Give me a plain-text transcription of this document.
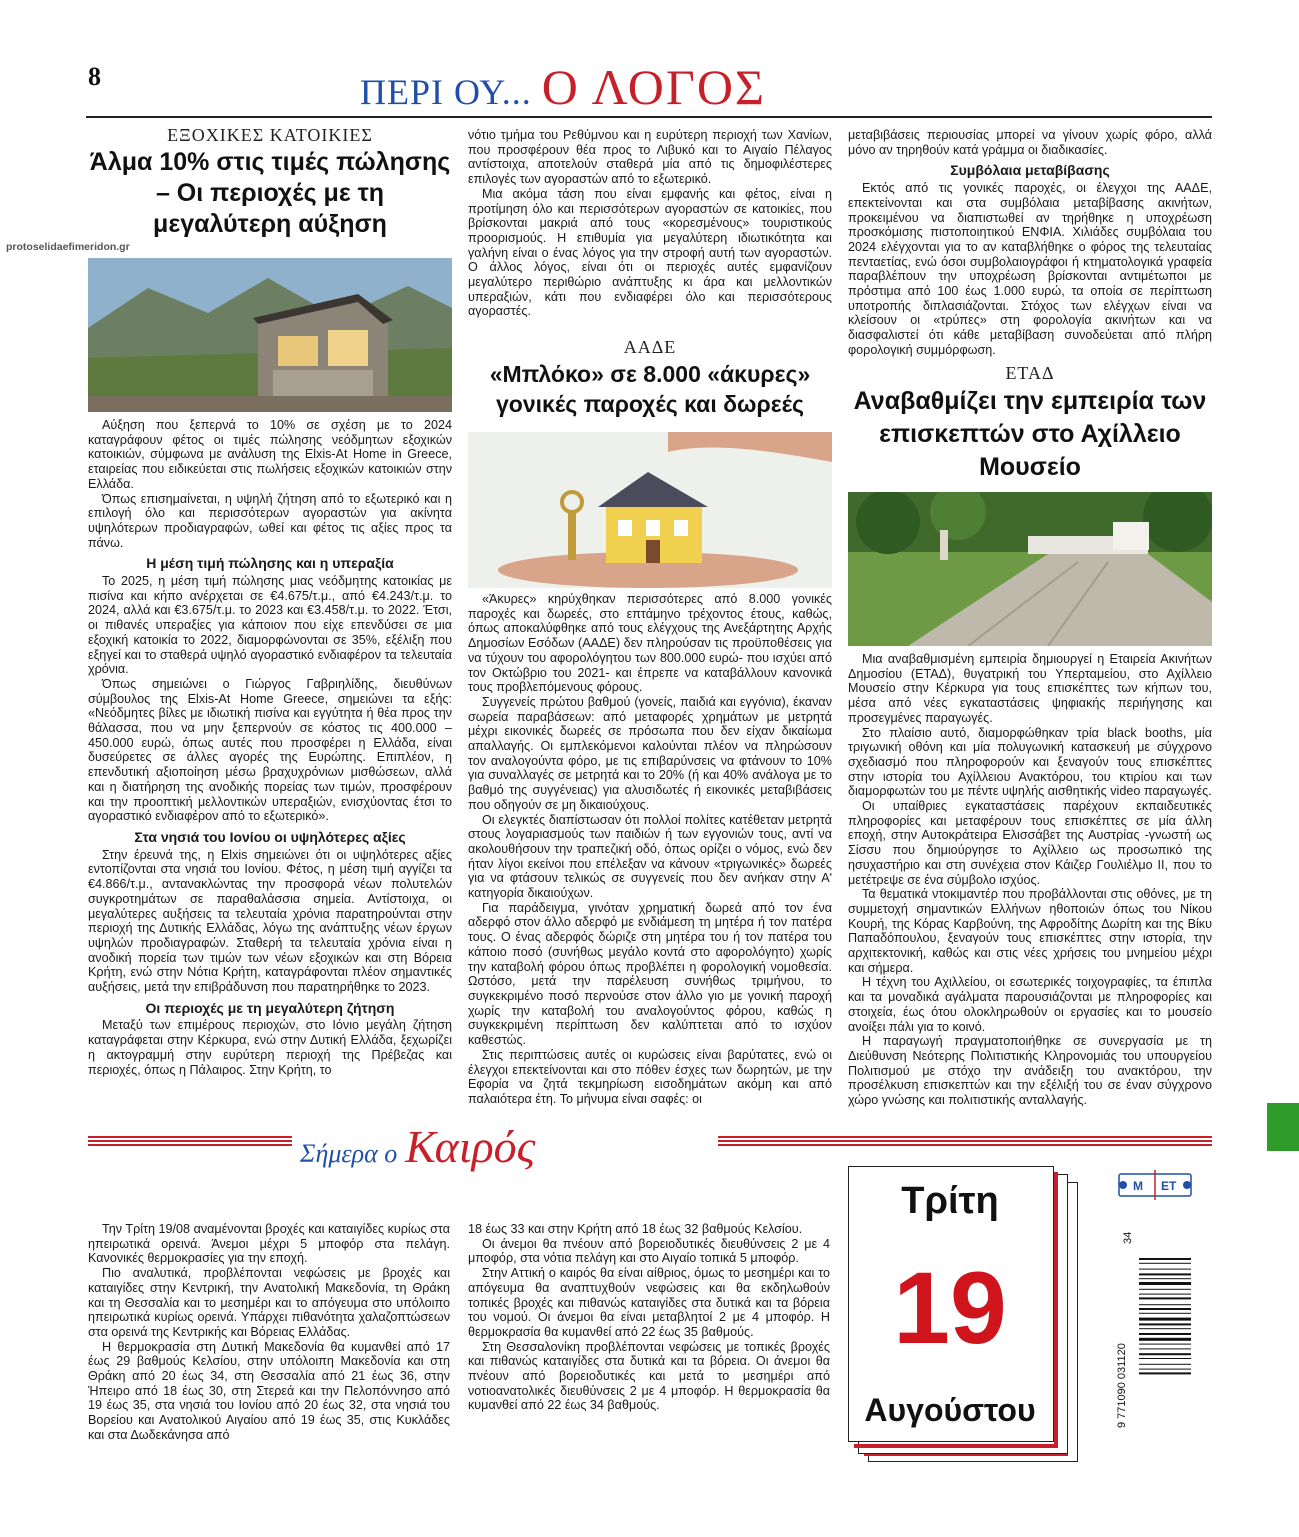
8	ΠΕΡΙ ΟΥ... Ο ΛΟΓΟΣ
protoselidaefimeridon.gr
ΕΞΟΧΙΚΕΣ ΚΑΤΟΙΚΙΕΣ
Άλμα 10% στις τιμές πώλησης – Οι περιοχές με τη μεγαλύτερη αύξηση

Αύξηση που ξεπερνά το 10% σε σχέση με το 2024 καταγράφουν φέτος οι τιμές πώλησης νεόδμητων εξοχικών κατοικιών, σύμφωνα με ανάλυση της Elxis-At Home in Greece, εταιρείας που ειδικεύεται στις πωλήσεις εξοχικών κατοικιών στην Ελλάδα.

Όπως επισημαίνεται, η υψηλή ζήτηση από το εξωτερικό και η επιλογή όλο και περισσότερων αγοραστών για ακίνητα υψηλότερων προδιαγραφών, ωθεί και φέτος τις αξίες προς τα πάνω.

Η μέση τιμή πώλησης και η υπεραξία

Το 2025, η μέση τιμή πώλησης μιας νεόδμητης κατοικίας με πισίνα και κήπο ανέρχεται σε €4.675/τ.μ., από €4.243/τ.μ. το 2024, αλλά και €3.675/τ.μ. το 2023 και €3.458/τ.μ. το 2022. Έτσι, οι πιθανές υπεραξίες για κάποιον που είχε επενδύσει σε μια εξοχική κατοικία το 2022, διαμορφώνονται σε 35%, εξέλιξη που εξηγεί και το σταθερά υψηλό αγοραστικό ενδιαφέρον τα τελευταία χρόνια.

Όπως σημειώνει ο Γιώργος Γαβριηλίδης, διευθύνων σύμβουλος της Elxis-At Home Greece, σημειώνει τα εξής: «Νεόδμητες βίλες με ιδιωτική πισίνα και εγγύτητα ή θέα προς την θάλασσα, που να μην ξεπερνούν σε κόστος τις 400.000 – 450.000 ευρώ, όπως αυτές που προσφέρει η Ελλάδα, είναι δυσεύρετες σε άλλες αγορές της Ευρώπης. Επιπλέον, η επενδυτική αξιοποίηση μέσω βραχυχρόνιων μισθώσεων, αλλά και η διατήρηση της ανοδικής πορείας των τιμών, προσφέρουν και την προοπτική μελλοντικών υπεραξιών, ενισχύοντας έτσι το αγοραστικό ενδιαφέρον από το εξωτερικό».

Στα νησιά του Ιονίου οι υψηλότερες αξίες

Στην έρευνά της, η Elxis σημειώνει ότι οι υψηλότερες αξίες εντοπίζονται στα νησιά του Ιονίου. Φέτος, η μέση τιμή αγγίζει τα €4.866/τ.μ., αντανακλώντας την προσφορά νέων πολυτελών συγκροτημάτων σε παραθαλάσσια σημεία. Αντίστοιχα, οι μεγαλύτερες αυξήσεις τα τελευταία χρόνια παρατηρούνται στην περιοχή της Δυτικής Ελλάδας, λόγω της ανάπτυξης νέων έργων υψηλών προδιαγραφών. Σταθερή τα τελευταία χρόνια είναι η ανοδική πορεία των τιμών των νέων εξοχικών και στη Βόρεια Κρήτη, ενώ στην Νότια Κρήτη, καταγράφονται πλέον σημαντικές αυξήσεις, μετά την επιβράδυνση που παρατηρήθηκε το 2023.

Οι περιοχές με τη μεγαλύτερη ζήτηση

Μεταξύ των επιμέρους περιοχών, στο Ιόνιο μεγάλη ζήτηση καταγράφεται στην Κέρκυρα, ενώ στην Δυτική Ελλάδα, ξεχωρίζει η ακτογραμμή στην ευρύτερη περιοχή της Πρέβεζας και περιοχές, όπως η Πάλαιρος. Στην Κρήτη, το

νότιο τμήμα του Ρεθύμνου και η ευρύτερη περιοχή των Χανίων, που προσφέρουν θέα προς το Λιβυκό και το Αιγαίο Πέλαγος αντίστοιχα, αποτελούν σταθερά μία από τις δημοφιλέστερες επιλογές των αγοραστών από το εξωτερικό.

Μια ακόμα τάση που είναι εμφανής και φέτος, είναι η προτίμηση όλο και περισσότερων αγοραστών σε κατοικίες, που βρίσκονται μακριά από τους «κορεσμένους» τουριστικούς προορισμούς. Η επιθυμία για μεγαλύτερη ιδιωτικότητα και γαλήνη είναι ο ένας λόγος για την στροφή αυτή των αγοραστών. Ο άλλος λόγος, είναι ότι οι περιοχές αυτές εμφανίζουν μεγαλύτερο περιθώριο ανάπτυξης κι άρα και μελλοντικών υπεραξιών, κάτι που ενδιαφέρει όλο και περισσότερους αγοραστές.

ΑΑΔΕ
«Μπλόκο» σε 8.000 «άκυρες» γονικές παροχές και δωρεές

«Άκυρες» κηρύχθηκαν περισσότερες από 8.000 γονικές παροχές και δωρεές, στο επτάμηνο τρέχοντος έτους, καθώς, όπως αποκαλύφθηκε από τους ελέγχους της Ανεξάρτητης Αρχής Δημοσίων Εσόδων (ΑΑΔΕ) δεν πληρούσαν τις προϋποθέσεις για να τύχουν του αφορολόγητου των 800.000 ευρώ- που ισχύει από τον Οκτώβριο του 2021- και έπρεπε να καταβάλλουν κανονικά τους προβλεπόμενους φόρους.

Συγγενείς πρώτου βαθμού (γονείς, παιδιά και εγγόνια), έκαναν σωρεία παραβάσεων: από μεταφορές χρημάτων με μετρητά μέχρι εικονικές δωρεές σε πρόσωπα που δεν είχαν δικαίωμα απαλλαγής. Οι εμπλεκόμενοι καλούνται πλέον να πληρώσουν τον αναλογούντα φόρο, με τις επιβαρύνσεις να φτάνουν το 10% για συναλλαγές σε μετρητά και το 20% (ή και 40% ανάλογα με το βαθμό της συγγένειας) για αλυσιδωτές ή εικονικές μεταβιβάσεις που οδηγούν σε μη δικαιούχους.

Οι ελεγκτές διαπίστωσαν ότι πολλοί πολίτες κατέθεταν μετρητά στους λογαριασμούς των παιδιών ή των εγγονιών τους, αντί να ακολουθήσουν την τραπεζική οδό, όπως ορίζει ο νόμος, ενώ δεν ήταν λίγοι εκείνοι που επέλεξαν να κάνουν «τριγωνικές» δωρεές για να φτάσουν τελικώς σε συγγενείς που δεν ανήκαν στην Α' κατηγορία δικαιούχων.

Για παράδειγμα, γινόταν χρηματική δωρεά από τον ένα αδερφό στον άλλο αδερφό με ενδιάμεση τη μητέρα ή τον πατέρα τους. Ο ένας αδερφός δώριζε στη μητέρα του ή τον πατέρα του κάποιο ποσό (συνήθως μεγάλο κοντά στο αφορολόγητο) χωρίς την καταβολή φόρου όπως προβλέπει η φορολογική νομοθεσία. Ωστόσο, μετά την παρέλευση συνήθως τριμήνου, το συγκεκριμένο ποσό περνούσε στον άλλο γιο με γονική παροχή χωρίς την καταβολή του αναλογούντος φόρου, καθώς η συγκεκριμένη περίπτωση δεν καλύπτεται από το ισχύον καθεστώς.

Στις περιπτώσεις αυτές οι κυρώσεις είναι βαρύτατες, ενώ οι έλεγχοι επεκτείνονται και στο πόθεν έσχες των δωρητών, με την Εφορία να ζητά τεκμηρίωση εισοδημάτων ακόμη και από παλαιότερα έτη. Το μήνυμα είναι σαφές: οι

μεταβιβάσεις περιουσίας μπορεί να γίνουν χωρίς φόρο, αλλά μόνο αν τηρηθούν κατά γράμμα οι διαδικασίες.

Συμβόλαια μεταβίβασης

Εκτός από τις γονικές παροχές, οι έλεγχοι της ΑΑΔΕ, επεκτείνονται και στα συμβόλαια μεταβίβασης ακινήτων, προκειμένου να διαπιστωθεί αν τηρήθηκε η υποχρέωση προσκόμισης πιστοποιητικού ΕΝΦΙΑ. Χιλιάδες συμβόλαια του 2024 ελέγχονται για το αν καταβλήθηκε ο φόρος της τελευταίας πενταετίας, ενώ όσοι συμβολαιογράφοι ή κτηματολογικά γραφεία παραβλέπουν την υποχρέωση βρίσκονται αντιμέτωποι με πρόστιμα από 100 έως 1.000 ευρώ, τα οποία σε περίπτωση υποτροπής διπλασιάζονται. Στόχος των ελέγχων είναι να κλείσουν οι «τρύπες» στη φορολογία ακινήτων και να διασφαλιστεί ότι κάθε μεταβίβαση συνοδεύεται από πλήρη φορολογική συμμόρφωση.

ΕΤΑΔ
Αναβαθμίζει την εμπειρία των επισκεπτών στο Αχίλλειο Μουσείο

Μια αναβαθμισμένη εμπειρία δημιουργεί η Εταιρεία Ακινήτων Δημοσίου (ΕΤΑΔ), θυγατρική του Υπερταμείου, στο Αχίλλειο Μουσείο στην Κέρκυρα για τους επισκέπτες των κήπων του, μέσα από νέες εγκαταστάσεις ψηφιακής περιήγησης και προσεγμένες παραγωγές.

Στο πλαίσιο αυτό, διαμορφώθηκαν τρία black booths, μία τριγωνική οθόνη και μία πολυγωνική κατασκευή με σύγχρονο σχεδιασμό που πληροφορούν και ξεναγούν τους επισκέπτες στην ιστορία του Αχίλλειου Ανακτόρου, του κτιρίου και των διαμορφωτών του με πέντε υψηλής αισθητικής video παραγωγές.

Οι υπαίθριες εγκαταστάσεις παρέχουν εκπαιδευτικές πληροφορίες και μεταφέρουν τους επισκέπτες σε μία άλλη εποχή, στην Αυτοκράτειρα Ελισσάβετ της Αυστρίας -γνωστή ως Σίσσυ που δημιούργησε το Αχίλλειο ως προσωπικό της ησυχαστήριο και στη συνέχεια στον Κάιζερ Γουλιέλμο ΙΙ, που το μετέτρεψε σε ένα σύμβολο ισχύος.

Τα θεματικά ντοκιμαντέρ που προβάλλονται στις οθόνες, με τη συμμετοχή σημαντικών Ελλήνων ηθοποιών όπως του Νίκου Κουρή, της Κόρας Καρβούνη, της Αφροδίτης Δωρίτη και της Βίκυ Παπαδόπουλου, ξεναγούν τους επισκέπτες στην ιστορία, την αρχιτεκτονική, καθώς και στις νέες χρήσεις του μνημείου μέχρι και σήμερα.

Η τέχνη του Αχιλλείου, οι εσωτερικές τοιχογραφίες, τα έπιπλα και τα μοναδικά αγάλματα παρουσιάζονται με πληροφορίες και στοιχεία, έως ότου ολοκληρωθούν οι εργασίες και το μουσείο ανοίξει πάλι για το κοινό.

Η παραγωγή πραγματοποιήθηκε σε συνεργασία με τη Διεύθυνση Νεότερης Πολιτιστικής Κληρονομιάς του υπουργείου Πολιτισμού με στόχο την ανάδειξη του ανακτόρου, την προσέλκυση επισκεπτών και την εξέλιξή του σε έναν σύγχρονο χώρο γνώσης και πολιτιστικής ανταλλαγής.

Σήμερα ο Καιρός

Την Τρίτη 19/08 αναμένονται βροχές και καταιγίδες κυρίως στα ηπειρωτικά ορεινά. Άνεμοι μέχρι 5 μποφόρ στα πελάγη. Κανονικές θερμοκρασίες για την εποχή.

Πιο αναλυτικά, προβλέπονται νεφώσεις με βροχές και καταιγίδες στην Κεντρική, την Ανατολική Μακεδονία, τη Θράκη και τη Θεσσαλία και το μεσημέρι και το απόγευμα στο υπόλοιπο ηπειρωτικά κυρίως ορεινά. Υπάρχει πιθανότητα χαλαζοπτώσεων στα ορεινά της Κεντρικής και Βόρειας Ελλάδας.

Η θερμοκρασία στη Δυτική Μακεδονία θα κυμανθεί από 17 έως 29 βαθμούς Κελσίου, στην υπόλοιπη Μακεδονία και στη Θράκη από 20 έως 34, στη Θεσσαλία από 21 έως 36, στην Ήπειρο από 18 έως 30, στη Στερεά και την Πελοπόννησο από 19 έως 35, στα νησιά του Ιονίου από 20 έως 32, στα νησιά του Βορείου και Ανατολικού Αιγαίου από 19 έως 35, στις Κυκλάδες και στα Δωδεκάνησα από

18 έως 33 και στην Κρήτη από 18 έως 32 βαθμούς Κελσίου.

Οι άνεμοι θα πνέουν από βορειοδυτικές διευθύνσεις 2 με 4 μποφόρ, στα νότια πελάγη και στο Αιγαίο τοπικά 5 μποφόρ.

Στην Αττική ο καιρός θα είναι αίθριος, όμως το μεσημέρι και το απόγευμα θα αναπτυχθούν νεφώσεις και θα εκδηλωθούν τοπικές βροχές και πιθανώς καταιγίδες στα δυτικά και τα βόρεια του νομού. Οι άνεμοι θα είναι μεταβλητοί 2 με 4 μποφόρ. Η θερμοκρασία θα κυμανθεί από 22 έως 35 βαθμούς.

Στη Θεσσαλονίκη προβλέπονται νεφώσεις με τοπικές βροχές και πιθανώς καταιγίδες στα δυτικά και τα βόρεια. Οι άνεμοι θα πνέουν από βορειοδυτικές και μετά το μεσημέρι από νοτιοανατολικές διευθύνσεις 2 με 4 μποφόρ. Η θερμοκρασία θα κυμανθεί από 22 έως 34 βαθμούς.

Τρίτη
19
Αυγούστου
M ET
34
9 771090 031120
